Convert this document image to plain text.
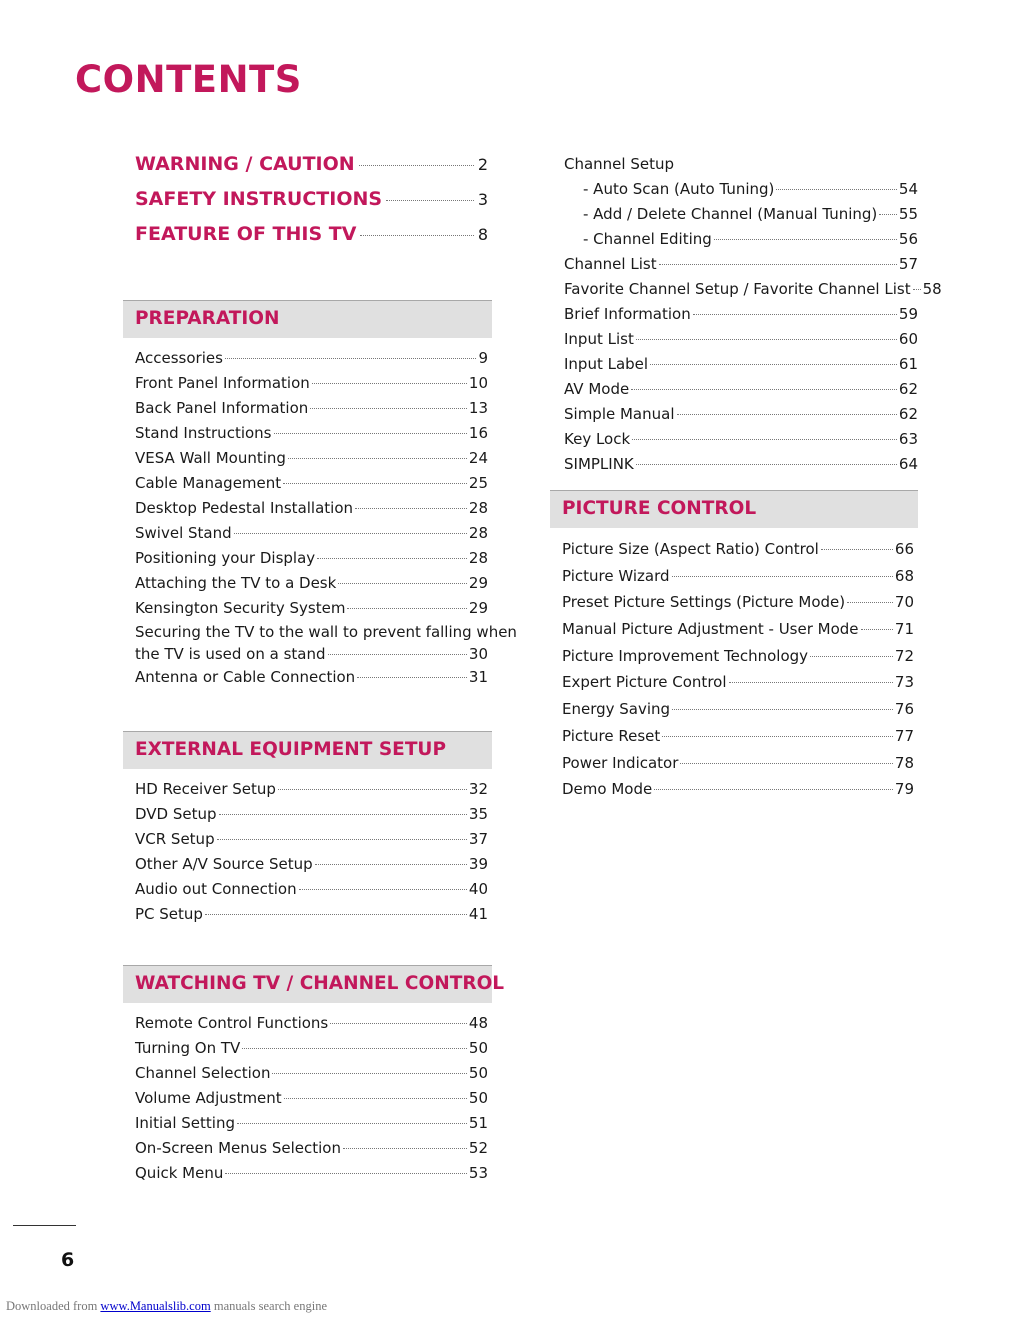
CONTENTS
WARNING / CAUTION	2
SAFETY INSTRUCTIONS	3
FEATURE OF THIS TV	8
PREPARATION
Accessories	9
Front Panel Information	10
Back Panel Information	13
Stand Instructions	16
VESA Wall Mounting	24
Cable Management	25
Desktop Pedestal Installation	28
Swivel Stand	28
Positioning your Display	28
Attaching the TV to a Desk	29
Kensington Security System	29
Securing the TV to the wall to prevent falling when
the TV is used on a stand	30
Antenna or Cable Connection	31
EXTERNAL EQUIPMENT SETUP
HD Receiver Setup	32
DVD Setup	35
VCR Setup	37
Other A/V Source Setup	39
Audio out Connection	40
PC Setup	41
WATCHING TV / CHANNEL CONTROL
Remote Control Functions	48
Turning On TV	50
Channel Selection	50
Volume Adjustment	50
Initial Setting	51
On-Screen Menus Selection	52
Quick Menu	53
Channel Setup
- Auto Scan (Auto Tuning)	54
- Add / Delete Channel (Manual Tuning) 55
- Channel Editing	56
Channel List	57
Favorite Channel Setup / Favorite Channel List 58
Brief Information	59
Input List	60
Input Label	61
AV Mode	62
Simple Manual	62
Key Lock	63
SIMPLINK	64
PICTURE CONTROL
Picture Size (Aspect Ratio) Control	66
Picture Wizard	68
Preset Picture Settings (Picture Mode)	70
Manual Picture Adjustment - User Mode 71
Picture Improvement Technology	72
Expert Picture Control	73
Energy Saving	76
Picture Reset	77
Power Indicator	78
Demo Mode	79
6
Downloaded from www.Manualslib.com manuals search engine
